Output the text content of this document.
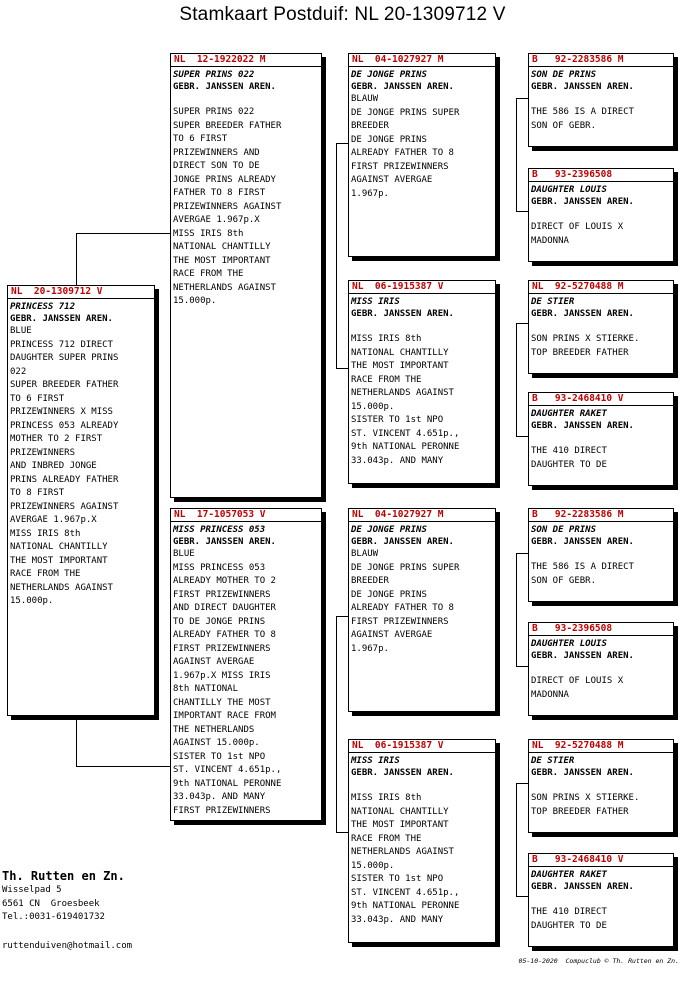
Stamkaart Postduif: NL 20-1309712 V
NL  20-1309712 V
PRINCESS 712
GEBR. JANSSEN AREN.
BLUE
PRINCESS 712 DIRECT
DAUGHTER SUPER PRINS
022
SUPER BREEDER FATHER
TO 6 FIRST
PRIZEWINNERS X MISS
PRINCESS 053 ALREADY
MOTHER TO 2 FIRST
PRIZEWINNERS
AND INBRED JONGE
PRINS ALREADY FATHER
TO 8 FIRST
PRIZEWINNERS AGAINST
AVERGAE 1.967p.X
MISS IRIS 8th
NATIONAL CHANTILLY
THE MOST IMPORTANT
RACE FROM THE
NETHERLANDS AGAINST
15.000p.
NL  12-1922022 M
SUPER PRINS 022
GEBR. JANSSEN AREN.
SUPER PRINS 022
SUPER BREEDER FATHER
TO 6 FIRST
PRIZEWINNERS AND
DIRECT SON TO DE
JONGE PRINS ALREADY
FATHER TO 8 FIRST
PRIZEWINNERS AGAINST
AVERGAE 1.967p.X
MISS IRIS 8th
NATIONAL CHANTILLY
THE MOST IMPORTANT
RACE FROM THE
NETHERLANDS AGAINST
15.000p.
NL  17-1057053 V
MISS PRINCESS 053
GEBR. JANSSEN AREN.
BLUE
MISS PRINCESS 053
ALREADY MOTHER TO 2
FIRST PRIZEWINNERS
AND DIRECT DAUGHTER
TO DE JONGE PRINS
ALREADY FATHER TO 8
FIRST PRIZEWINNERS
AGAINST AVERGAE
1.967p.X MISS IRIS
8th NATIONAL
CHANTILLY THE MOST
IMPORTANT RACE FROM
THE NETHERLANDS
AGAINST 15.000p.
SISTER TO 1st NPO
ST. VINCENT 4.651p.,
9th NATIONAL PERONNE
33.043p. AND MANY
FIRST PRIZEWINNERS
NL  04-1027927 M
DE JONGE PRINS
GEBR. JANSSEN AREN.
BLAUW
DE JONGE PRINS SUPER
BREEDER
DE JONGE PRINS
ALREADY FATHER TO 8
FIRST PRIZEWINNERS
AGAINST AVERGAE
1.967p.
NL  06-1915387 V
MISS IRIS
GEBR. JANSSEN AREN.
MISS IRIS 8th
NATIONAL CHANTILLY
THE MOST IMPORTANT
RACE FROM THE
NETHERLANDS AGAINST
15.000p.
SISTER TO 1st NPO
ST. VINCENT 4.651p.,
9th NATIONAL PERONNE
33.043p. AND MANY
NL  04-1027927 M
DE JONGE PRINS
GEBR. JANSSEN AREN.
BLAUW
DE JONGE PRINS SUPER
BREEDER
DE JONGE PRINS
ALREADY FATHER TO 8
FIRST PRIZEWINNERS
AGAINST AVERGAE
1.967p.
NL  06-1915387 V
MISS IRIS
GEBR. JANSSEN AREN.
MISS IRIS 8th
NATIONAL CHANTILLY
THE MOST IMPORTANT
RACE FROM THE
NETHERLANDS AGAINST
15.000p.
SISTER TO 1st NPO
ST. VINCENT 4.651p.,
9th NATIONAL PERONNE
33.043p. AND MANY
B   92-2283586 M
SON DE PRINS
GEBR. JANSSEN AREN.
THE 586 IS A DIRECT
SON OF GEBR.
B   93-2396508
DAUGHTER LOUIS
GEBR. JANSSEN AREN.
DIRECT OF LOUIS X
MADONNA
NL  92-5270488 M
DE STIER
GEBR. JANSSEN AREN.
SON PRINS X STIERKE.
TOP BREEDER FATHER
B   93-2468410 V
DAUGHTER RAKET
GEBR. JANSSEN AREN.
THE 410 DIRECT
DAUGHTER TO DE
B   92-2283586 M
SON DE PRINS
GEBR. JANSSEN AREN.
THE 586 IS A DIRECT
SON OF GEBR.
B   93-2396508
DAUGHTER LOUIS
GEBR. JANSSEN AREN.
DIRECT OF LOUIS X
MADONNA
NL  92-5270488 M
DE STIER
GEBR. JANSSEN AREN.
SON PRINS X STIERKE.
TOP BREEDER FATHER
B   93-2468410 V
DAUGHTER RAKET
GEBR. JANSSEN AREN.
THE 410 DIRECT
DAUGHTER TO DE
Th. Rutten en Zn.
Wisselpad 5
6561 CN  Groesbeek
Tel.:0031-619401732
ruttenduiven@hotmail.com
05-10-2020  Compuclub © Th. Rutten en Zn.
